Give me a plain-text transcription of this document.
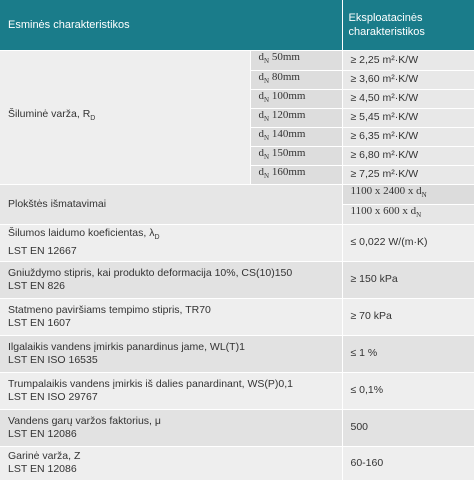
Esminės charakteristikos		Eksploatacinės charakteristikos
Šiluminė varža, $R_D$	$d_N$ 50mm	≥ 2,25 m²·K/W
	$d_N$ 80mm	≥ 3,60 m²·K/W
	$d_N$ 100mm	≥ 4,50 m²·K/W
	$d_N$ 120mm	≥ 5,45 m²·K/W
	$d_N$ 140mm	≥ 6,35 m²·K/W
	$d_N$ 150mm	≥ 6,80 m²·K/W
	$d_N$ 160mm	≥ 7,25 m²·K/W
Plokštės išmatavimai		1100 x 2400 x $d_N$
		1100 x 600 x $d_N$

Šilumos laidumo koeficientas, $\lambda_D$
LST EN 12667		≤ 0,022 W/(m·K)

Gniuždymo stipris, kai produkto deformacija 10%, CS(10)150
LST EN 826		≥ 150 kPa

Statmeno paviršiams tempimo stipris, TR70
LST EN 1607		≥ 70 kPa

Ilgalaikis vandens įmirkis panardinus jame, WL(T)1
LST EN ISO 16535		≤ 1 %

Trumpalaikis vandens įmirkis iš dalies panardinant, WS(P)0,1
LST EN ISO 29767		≤ 0,1%

Vandens garų varžos faktorius, μ
LST EN 12086		500

Garinė varža, Z
LST EN 12086		60-160
